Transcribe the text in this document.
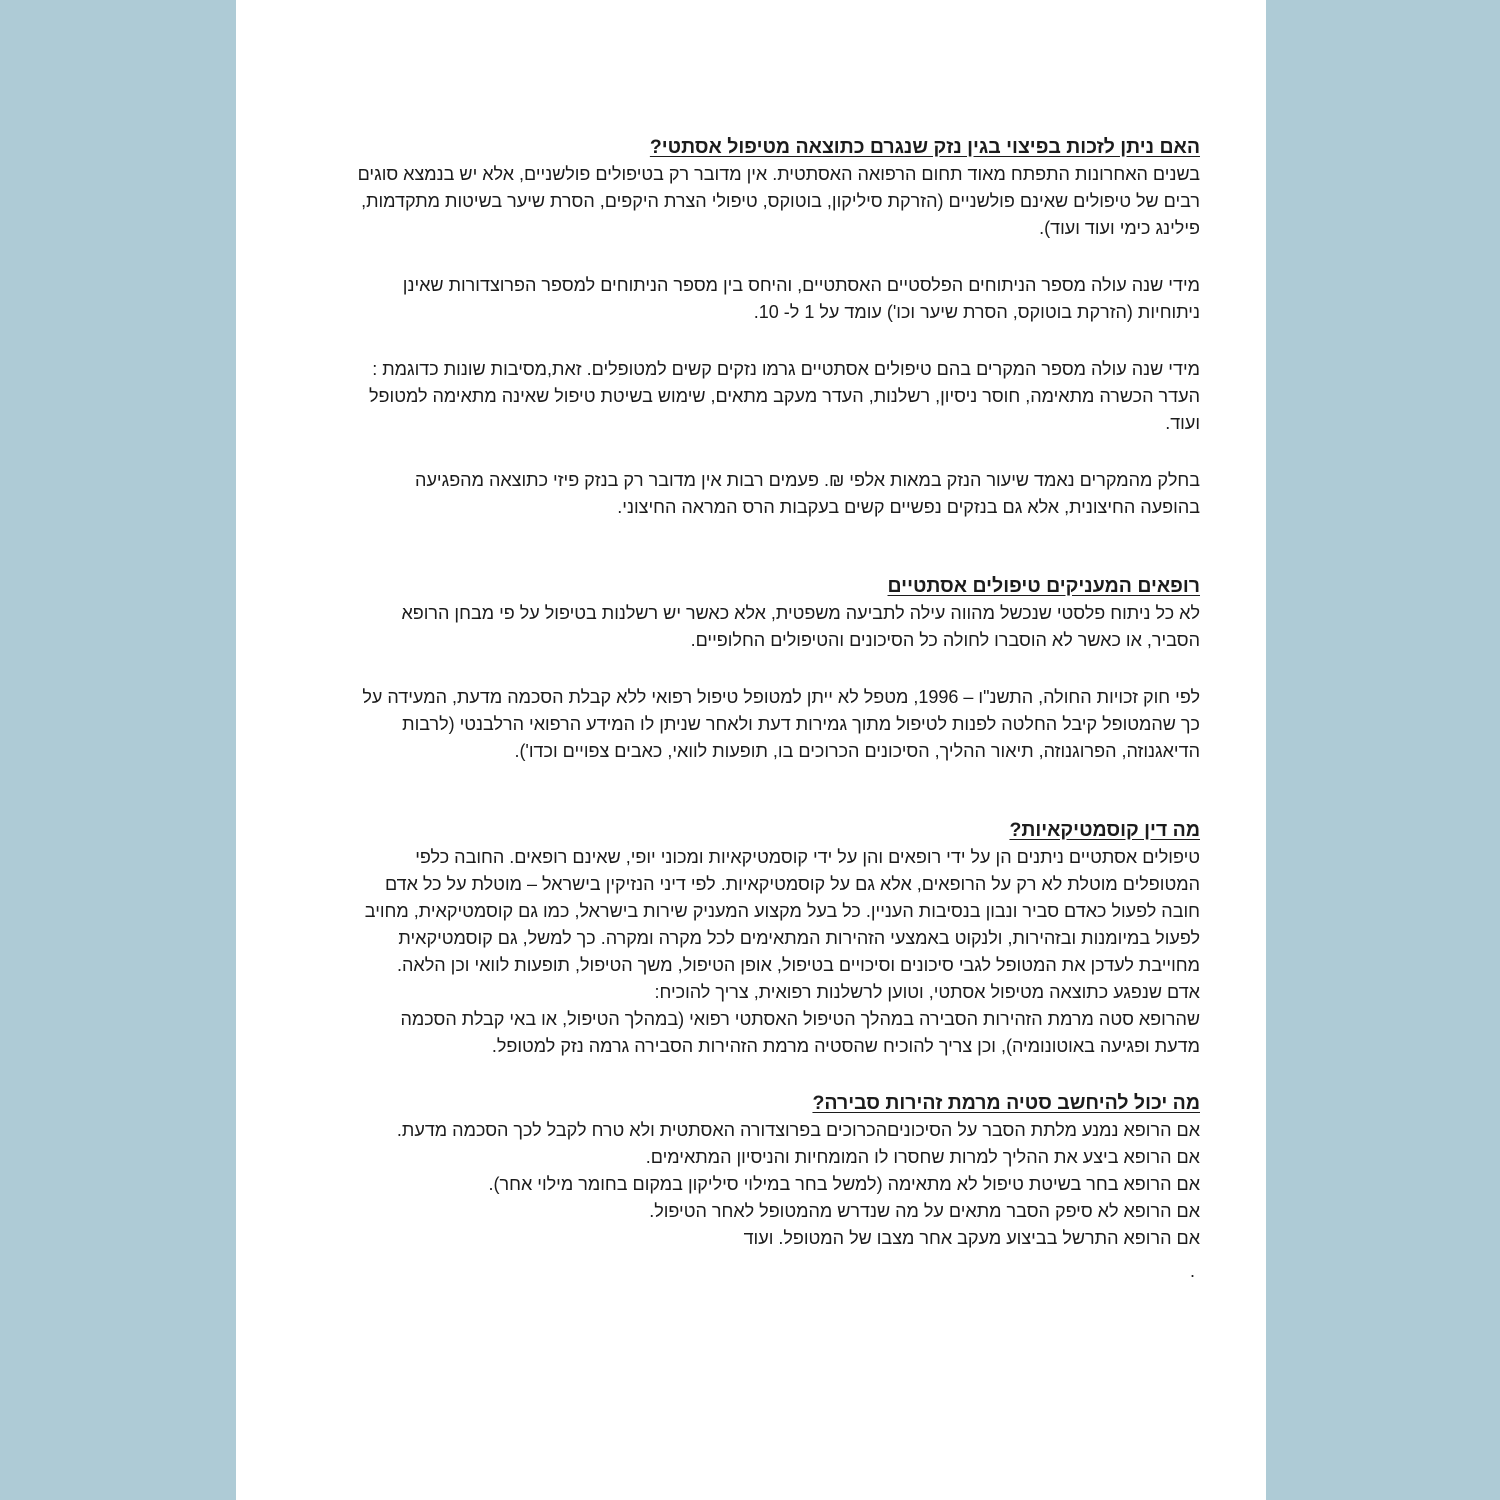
האם ניתן לזכות בפיצוי בגין נזק שנגרם כתוצאה מטיפול אסתטי?
בשנים האחרונות התפתח מאוד תחום הרפואה האסתטית. אין מדובר רק בטיפולים פולשניים, אלא יש בנמצא סוגים
רבים של טיפולים שאינם פולשניים (הזרקת סיליקון, בוטוקס, טיפולי הצרת היקפים, הסרת שיער בשיטות מתקדמות,
פילינג כימי ועוד ועוד).
מידי שנה עולה מספר הניתוחים הפלסטיים האסתטיים, והיחס בין מספר הניתוחים למספר הפרוצדורות שאינן
ניתוחיות (הזרקת בוטוקס, הסרת שיער וכו') עומד על 1 ל- 10.
מידי שנה עולה מספר המקרים בהם טיפולים אסתטיים גרמו נזקים קשים למטופלים. זאת,מסיבות שונות כדוגמת :
העדר הכשרה מתאימה, חוסר ניסיון, רשלנות, העדר מעקב מתאים, שימוש בשיטת טיפול שאינה מתאימה למטופל
ועוד.
בחלק מהמקרים נאמד שיעור הנזק במאות אלפי ₪. פעמים רבות אין מדובר רק בנזק פיזי כתוצאה מהפגיעה
בהופעה החיצונית, אלא גם בנזקים נפשיים קשים בעקבות הרס המראה החיצוני.
רופאים המעניקים טיפולים אסתטיים
לא כל ניתוח פלסטי שנכשל מהווה עילה לתביעה משפטית, אלא כאשר יש רשלנות בטיפול על פי מבחן הרופא
הסביר, או כאשר לא הוסברו לחולה כל הסיכונים והטיפולים החלופיים.
לפי חוק זכויות החולה, התשנ"ו – 1996, מטפל לא ייתן למטופל טיפול רפואי ללא קבלת הסכמה מדעת, המעידה על
כך שהמטופל קיבל החלטה לפנות לטיפול מתוך גמירות דעת ולאחר שניתן לו המידע הרפואי הרלבנטי (לרבות
הדיאגנוזה, הפרוגנוזה, תיאור ההליך, הסיכונים הכרוכים בו, תופעות לוואי, כאבים צפויים וכדו').
מה דין קוסמטיקאיות?
טיפולים אסתטיים ניתנים הן על ידי רופאים והן על ידי קוסמטיקאיות ומכוני יופי, שאינם רופאים. החובה כלפי
המטופלים מוטלת לא רק על הרופאים, אלא גם על קוסמטיקאיות. לפי דיני הנזיקין בישראל – מוטלת על כל אדם
חובה לפעול כאדם סביר ונבון בנסיבות העניין. כל בעל מקצוע המעניק שירות בישראל, כמו גם קוסמטיקאית, מחויב
לפעול במיומנות ובזהירות, ולנקוט באמצעי הזהירות המתאימים לכל מקרה ומקרה. כך למשל, גם קוסמטיקאית
מחוייבת לעדכן את המטופל לגבי סיכונים וסיכויים בטיפול, אופן הטיפול, משך הטיפול, תופעות לוואי וכן הלאה.
אדם שנפגע כתוצאה מטיפול אסתטי, וטוען לרשלנות רפואית, צריך להוכיח:
שהרופא סטה מרמת הזהירות הסבירה במהלך הטיפול האסתטי רפואי (במהלך הטיפול, או באי קבלת הסכמה
מדעת ופגיעה באוטונומיה), וכן צריך להוכיח שהסטיה מרמת הזהירות הסבירה גרמה נזק למטופל.
מה יכול להיחשב סטיה מרמת זהירות סבירה?
אם הרופא נמנע מלתת הסבר על הסיכוניםהכרוכים בפרוצדורה האסתטית ולא טרח לקבל לכך הסכמה מדעת.
אם הרופא ביצע את ההליך למרות שחסרו לו המומחיות והניסיון המתאימים.
אם הרופא בחר בשיטת טיפול לא מתאימה (למשל בחר במילוי סיליקון במקום בחומר מילוי אחר).
אם הרופא לא סיפק הסבר מתאים על מה שנדרש מהמטופל לאחר הטיפול.
אם הרופא התרשל בביצוע מעקב אחר מצבו של המטופל. ועוד
.
